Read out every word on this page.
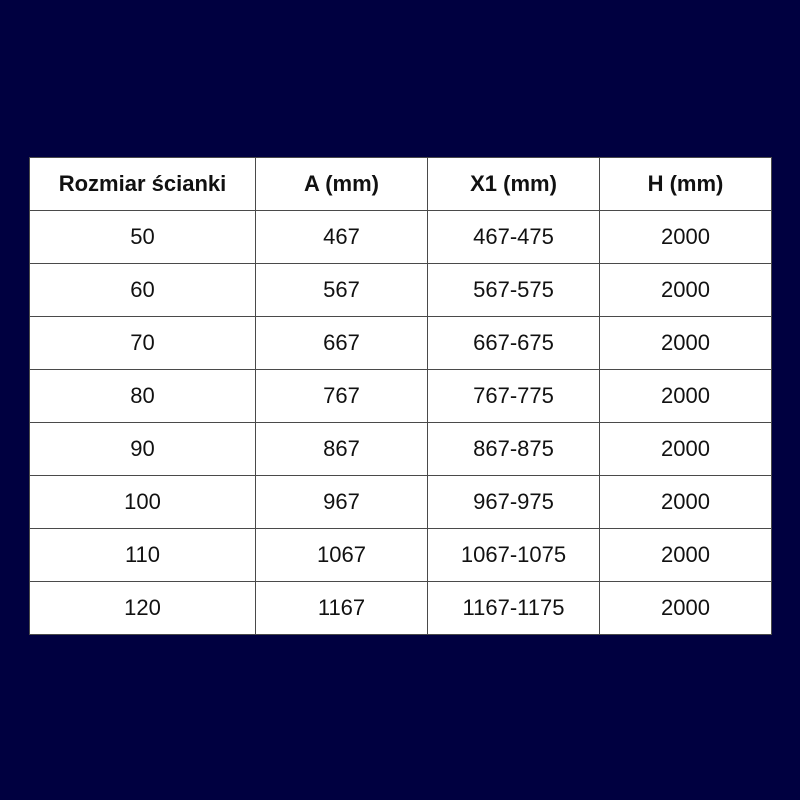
Rozmiar ścianki	A (mm)	X1 (mm)	H (mm)
50	467	467-475	2000
60	567	567-575	2000
70	667	667-675	2000
80	767	767-775	2000
90	867	867-875	2000
100	967	967-975	2000
110	1067	1067-1075	2000
120	1167	1167-1175	2000
